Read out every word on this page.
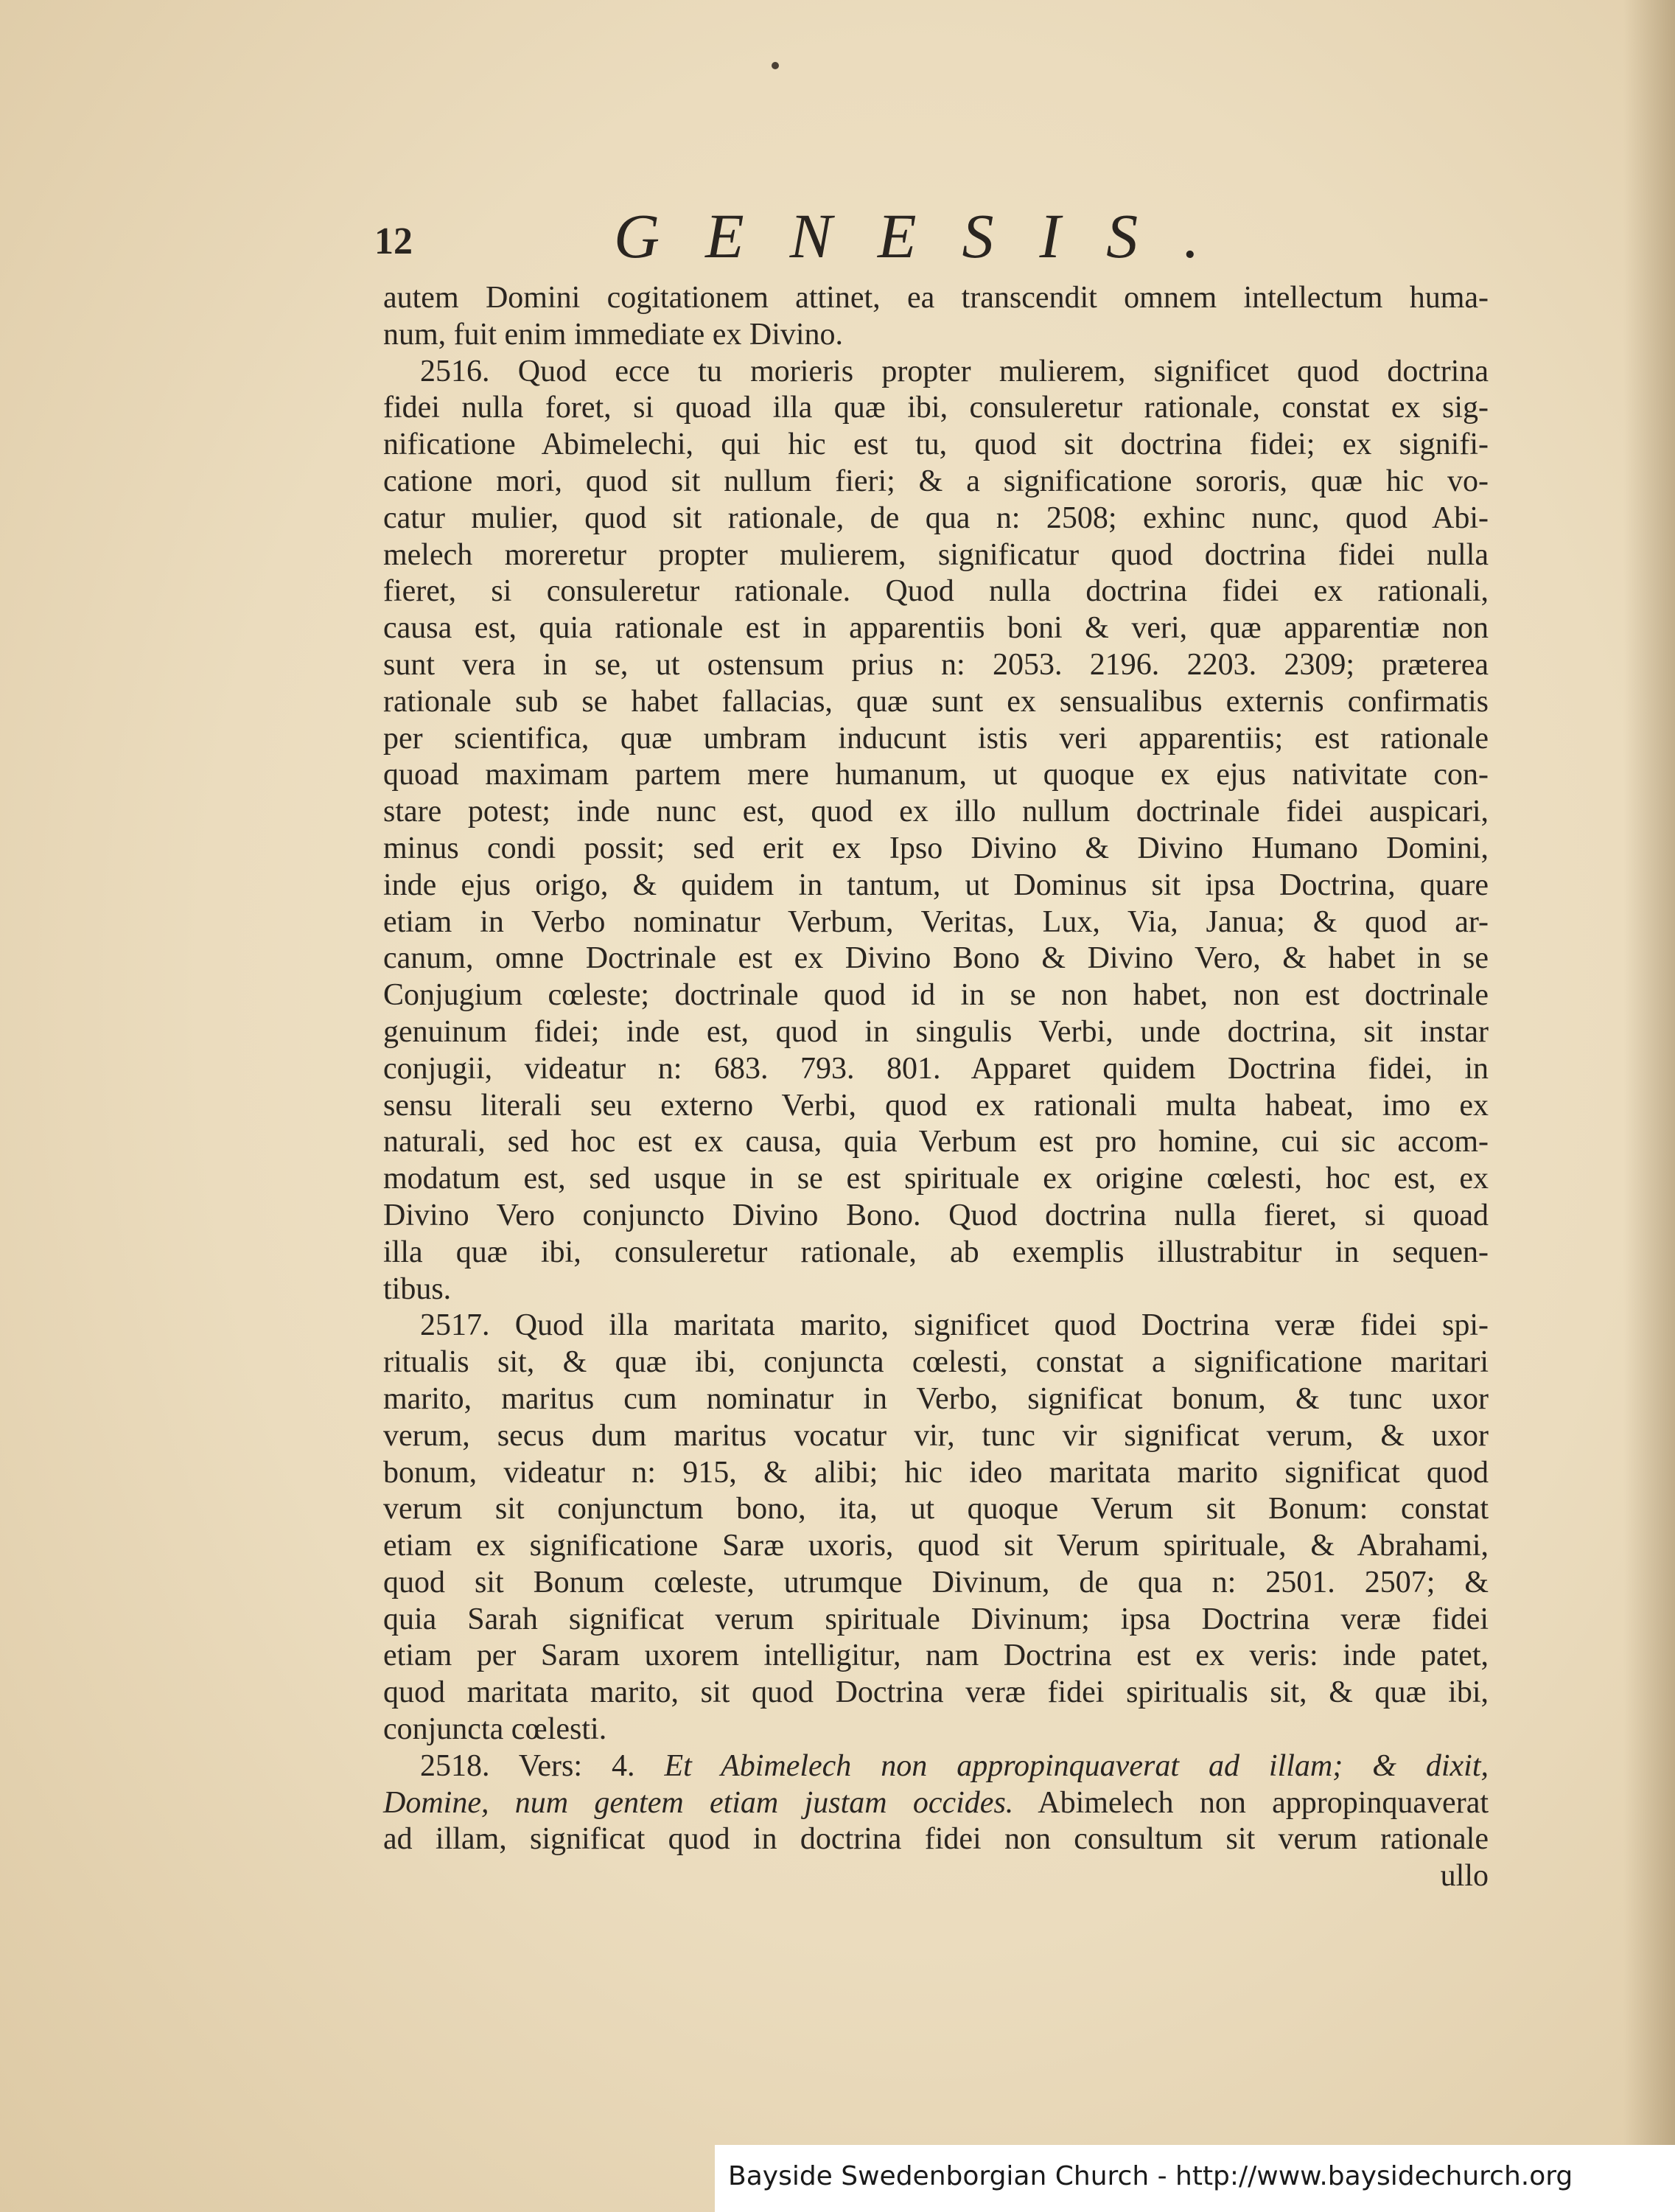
12	GENESIS.
autem Domini cogitationem attinet, ea transcendit omnem intellectum huma-
num, fuit enim immediate ex Divino.
2516. Quod ecce tu morieris propter mulierem, significet quod doctrina
fidei nulla foret, si quoad illa quæ ibi, consuleretur rationale, constat ex sig-
nificatione Abimelechi, qui hic est tu, quod sit doctrina fidei; ex signifi-
catione mori, quod sit nullum fieri; & a significatione sororis, quæ hic vo-
catur mulier, quod sit rationale, de qua n: 2508; exhinc nunc, quod Abi-
melech moreretur propter mulierem, significatur quod doctrina fidei nulla
fieret, si consuleretur rationale. Quod nulla doctrina fidei ex rationali,
causa est, quia rationale est in apparentiis boni & veri, quæ apparentiæ non
sunt vera in se, ut ostensum prius n: 2053. 2196. 2203. 2309; præterea
rationale sub se habet fallacias, quæ sunt ex sensualibus externis confirmatis
per scientifica, quæ umbram inducunt istis veri apparentiis; est rationale
quoad maximam partem mere humanum, ut quoque ex ejus nativitate con-
stare potest; inde nunc est, quod ex illo nullum doctrinale fidei auspicari,
minus condi possit; sed erit ex Ipso Divino & Divino Humano Domini,
inde ejus origo, & quidem in tantum, ut Dominus sit ipsa Doctrina, quare
etiam in Verbo nominatur Verbum, Veritas, Lux, Via, Janua; & quod ar-
canum, omne Doctrinale est ex Divino Bono & Divino Vero, & habet in se
Conjugium cœleste; doctrinale quod id in se non habet, non est doctrinale
genuinum fidei; inde est, quod in singulis Verbi, unde doctrina, sit instar
conjugii, videatur n: 683. 793. 801. Apparet quidem Doctrina fidei, in
sensu literali seu externo Verbi, quod ex rationali multa habeat, imo ex
naturali, sed hoc est ex causa, quia Verbum est pro homine, cui sic accom-
modatum est, sed usque in se est spirituale ex origine cœlesti, hoc est, ex
Divino Vero conjuncto Divino Bono. Quod doctrina nulla fieret, si quoad
illa quæ ibi, consuleretur rationale, ab exemplis illustrabitur in sequen-
tibus.
2517. Quod illa maritata marito, significet quod Doctrina veræ fidei spi-
ritualis sit, & quæ ibi, conjuncta cœlesti, constat a significatione maritari
marito, maritus cum nominatur in Verbo, significat bonum, & tunc uxor
verum, secus dum maritus vocatur vir, tunc vir significat verum, & uxor
bonum, videatur n: 915, & alibi; hic ideo maritata marito significat quod
verum sit conjunctum bono, ita, ut quoque Verum sit Bonum: constat
etiam ex significatione Saræ uxoris, quod sit Verum spirituale, & Abrahami,
quod sit Bonum cœleste, utrumque Divinum, de qua n: 2501. 2507; &
quia Sarah significat verum spirituale Divinum; ipsa Doctrina veræ fidei
etiam per Saram uxorem intelligitur, nam Doctrina est ex veris: inde patet,
quod maritata marito, sit quod Doctrina veræ fidei spiritualis sit, & quæ ibi,
conjuncta cœlesti.
2518. Vers: 4. Et Abimelech non appropinquaverat ad illam; & dixit,
Domine, num gentem etiam justam occides. Abimelech non appropinquaverat
ad illam, significat quod in doctrina fidei non consultum sit verum rationale
ullo
Bayside Swedenborgian Church - http://www.baysidechurch.org
